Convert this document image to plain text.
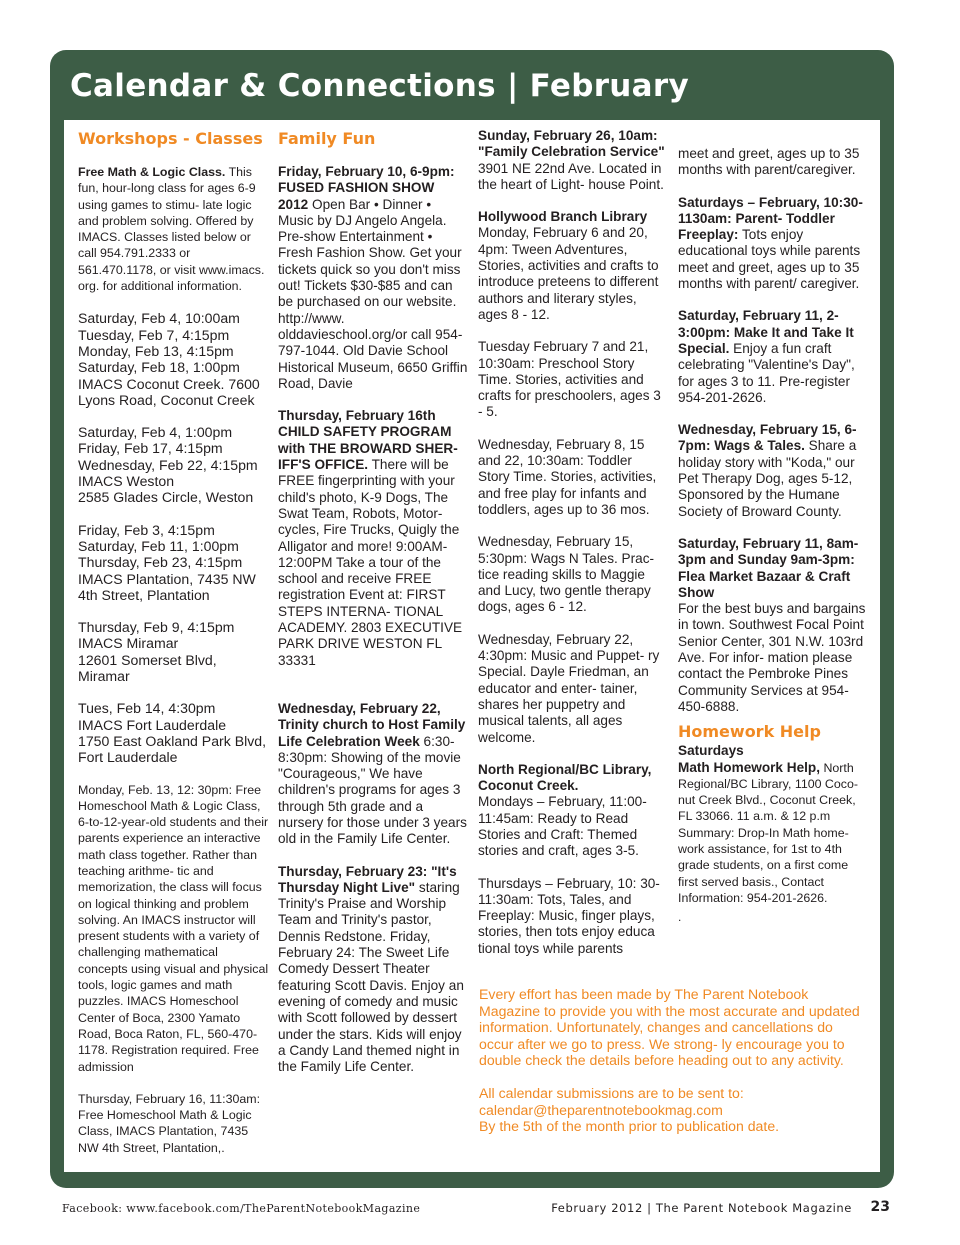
Calendar & Connections | February
Workshops - Classes

Free Math & Logic Class. This fun, hour-long class for ages 6-9 using games to stimu- late logic and problem solving. Offered by IMACS. Classes listed below or call 954.791.2333 or 561.470.1178, or visit www.imacs. org. for additional information.

Saturday, Feb 4, 10:00am
Tuesday, Feb 7, 4:15pm
Monday, Feb 13, 4:15pm
Saturday, Feb 18, 1:00pm
IMACS Coconut Creek. 7600 Lyons Road, Coconut Creek

Saturday, Feb 4, 1:00pm
Friday, Feb 17, 4:15pm
Wednesday, Feb 22, 4:15pm
IMACS Weston
2585 Glades Circle, Weston

Friday, Feb 3, 4:15pm
Saturday, Feb 11, 1:00pm
Thursday, Feb 23, 4:15pm
IMACS Plantation, 7435 NW 4th Street, Plantation

Thursday, Feb 9, 4:15pm
IMACS Miramar
12601 Somerset Blvd, Miramar

Tues, Feb 14, 4:30pm
IMACS Fort Lauderdale
1750 East Oakland Park Blvd, Fort Lauderdale

Monday, Feb. 13, 12: 30pm: Free Homeschool Math & Logic Class, 6-to-12-year-old students and their parents experience an interactive math class together. Rather than teaching arithme- tic and memorization, the class will focus on logical thinking and problem solving. An IMACS instructor will present students with a variety of challenging mathematical concepts using visual and physical tools, logic games and math puzzles. IMACS Homeschool Center of Boca, 2300 Yamato Road, Boca Raton, FL, 560-470-1178. Registration required. Free admission

Thursday, February 16, 11:30am: Free Homeschool Math & Logic Class, IMACS Plantation, 7435 NW 4th Street, Plantation,.

Family Fun

Friday, February 10, 6-9pm: FUSED FASHION SHOW 2012 Open Bar • Dinner • Music by DJ Angelo Angela. Pre-show Entertainment • Fresh Fashion Show. Get your tickets quick so you don't miss out! Tickets $30-$85 and can be purchased on our website. http://www. olddavieschool.org/or call 954-797-1044. Old Davie School Historical Museum, 6650 Griffin Road, Davie

Thursday, February 16th CHILD SAFETY PROGRAM with THE BROWARD SHER- IFF'S OFFICE. There will be FREE fingerprinting with your child's photo, K-9 Dogs, The Swat Team, Robots, Motor- cycles, Fire Trucks, Quigly the Alligator and more! 9:00AM-12:00PM Take a tour of the school and receive FREE registration Event at: FIRST STEPS INTERNA- TIONAL ACADEMY. 2803 EXECUTIVE PARK DRIVE WESTON FL 33331

Wednesday, February 22, Trinity church to Host Family Life Celebration Week 6:30-8:30pm: Showing of the movie "Courageous," We have children's programs for ages 3 through 5th grade and a nursery for those under 3 years old in the Family Life Center.

Thursday, February 23: "It's Thursday Night Live" staring Trinity's Praise and Worship Team and Trinity's pastor, Dennis Redstone. Friday, February 24: The Sweet Life Comedy Dessert Theater featuring Scott Davis. Enjoy an evening of comedy and music with Scott followed by dessert under the stars. Kids will enjoy a Candy Land themed night in the Family Life Center.

Sunday, February 26, 10am: "Family Celebration Service" 3901 NE 22nd Ave. Located in the heart of Light- house Point.

Hollywood Branch Library
Monday, February 6 and 20, 4pm: Tween Adventures, Stories, activities and crafts to introduce preteens to different authors and literary styles, ages 8 - 12.

Tuesday February 7 and 21, 10:30am: Preschool Story Time. Stories, activities and crafts for preschoolers, ages 3 - 5.

Wednesday, February 8, 15 and 22, 10:30am: Toddler Story Time. Stories, activities, and free play for infants and toddlers, ages up to 36 mos.

Wednesday, February 15, 5:30pm: Wags N Tales. Prac- tice reading skills to Maggie and Lucy, two gentle therapy dogs, ages 6 - 12.

Wednesday, February 22, 4:30pm: Music and Puppet- ry Special. Dayle Friedman, an educator and enter- tainer, shares her puppetry and musical talents, all ages welcome.

North Regional/BC Library, Coconut Creek.
Mondays – February, 11:00- 11:45am: Ready to Read Stories and Craft: Themed stories and craft, ages 3-5.

Thursdays – February, 10: 30-11:30am: Tots, Tales, and Freeplay: Music, finger plays, stories, then tots enjoy educa tional toys while parents

meet and greet, ages up to 35 months with parent/caregiver.

Saturdays – February, 10:30-1130am: Parent- Toddler Freeplay: Tots enjoy educational toys while parents meet and greet, ages up to 35 months with parent/ caregiver.

Saturday, February 11, 2-3:00pm: Make It and Take It Special. Enjoy a fun craft celebrating "Valentine's Day", for ages 3 to 11. Pre-register 954-201-2626.

Wednesday, February 15, 6-7pm: Wags & Tales. Share a holiday story with "Koda," our Pet Therapy Dog, ages 5-12, Sponsored by the Humane Society of Broward County.

Saturday, February 11, 8am-3pm and Sunday 9am-3pm: Flea Market Bazaar & Craft Show
For the best buys and bargains in town. Southwest Focal Point Senior Center, 301 N.W. 103rd Ave. For infor- mation please contact the Pembroke Pines Community Services at 954-450-6888.

Homework Help

Saturdays
Math Homework Help, North Regional/BC Library, 1100 Coco- nut Creek Blvd., Coconut Creek, FL 33066. 11 a.m. & 12 p.m Summary: Drop-In Math home- work assistance, for 1st to 4th grade students, on a first come first served basis., Contact Information: 954-201-2626.

.

Every effort has been made by The Parent Notebook Magazine to provide you with the most accurate and updated information. Unfortunately, changes and cancellations do occur after we go to press. We strong- ly encourage you to double check the details before heading out to any activity.

All calendar submissions are to be sent to:
calendar@theparentnotebookmag.com
By the 5th of the month prior to publication date.

Facebook: www.facebook.com/TheParentNotebookMagazine	February 2012 | The Parent Notebook Magazine 23
